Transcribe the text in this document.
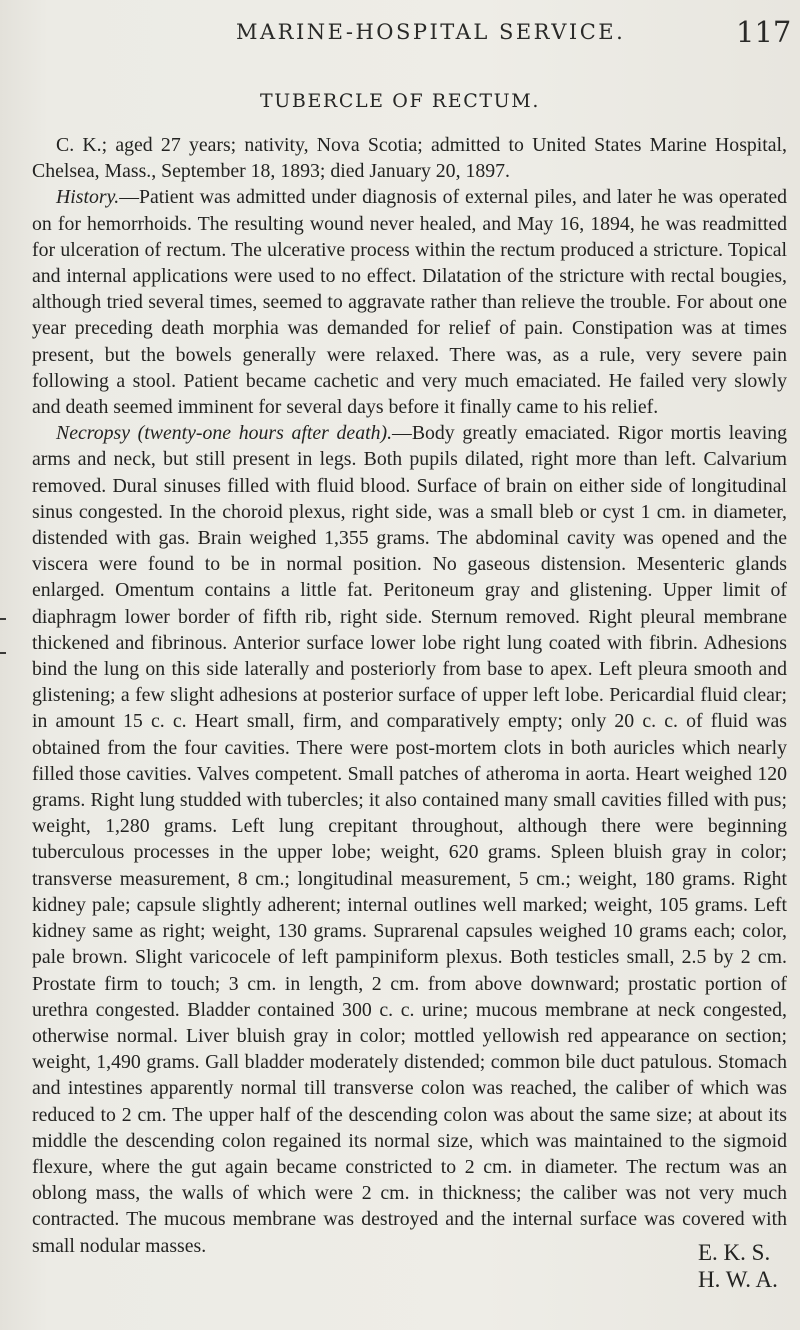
MARINE-HOSPITAL SERVICE.	117
TUBERCLE OF RECTUM.

C. K.; aged 27 years; nativity, Nova Scotia; admitted to United States Marine Hospital, Chelsea, Mass., September 18, 1893; died January 20, 1897.

History.—Patient was admitted under diagnosis of external piles, and later he was operated on for hemorrhoids. The resulting wound never healed, and May 16, 1894, he was readmitted for ulceration of rectum. The ulcerative process within the rectum produced a stricture. Topical and internal applications were used to no effect. Dilatation of the stricture with rectal bougies, although tried several times, seemed to aggravate rather than relieve the trouble. For about one year preceding death morphia was demanded for relief of pain. Constipation was at times present, but the bowels generally were relaxed. There was, as a rule, very severe pain following a stool. Patient became cachetic and very much emaciated. He failed very slowly and death seemed imminent for several days before it finally came to his relief.

Necropsy (twenty-one hours after death).—Body greatly emaciated. Rigor mortis leaving arms and neck, but still present in legs. Both pupils dilated, right more than left. Calvarium removed. Dural sinuses filled with fluid blood. Surface of brain on either side of longitudinal sinus congested. In the choroid plexus, right side, was a small bleb or cyst 1 cm. in diameter, distended with gas. Brain weighed 1,355 grams. The abdominal cavity was opened and the viscera were found to be in normal position. No gaseous distension. Mesenteric glands enlarged. Omentum contains a little fat. Peritoneum gray and glistening. Upper limit of diaphragm lower border of fifth rib, right side. Sternum removed. Right pleural membrane thickened and fibrinous. Anterior surface lower lobe right lung coated with fibrin. Adhesions bind the lung on this side laterally and posteriorly from base to apex. Left pleura smooth and glistening; a few slight adhesions at posterior surface of upper left lobe. Pericardial fluid clear; in amount 15 c. c. Heart small, firm, and comparatively empty; only 20 c. c. of fluid was obtained from the four cavities. There were post-mortem clots in both auricles which nearly filled those cavities. Valves competent. Small patches of atheroma in aorta. Heart weighed 120 grams. Right lung studded with tubercles; it also contained many small cavities filled with pus; weight, 1,280 grams. Left lung crepitant throughout, although there were beginning tuberculous processes in the upper lobe; weight, 620 grams. Spleen bluish gray in color; transverse measurement, 8 cm.; longitudinal measurement, 5 cm.; weight, 180 grams. Right kidney pale; capsule slightly adherent; internal outlines well marked; weight, 105 grams. Left kidney same as right; weight, 130 grams. Suprarenal capsules weighed 10 grams each; color, pale brown. Slight varicocele of left pampiniform plexus. Both testicles small, 2.5 by 2 cm. Prostate firm to touch; 3 cm. in length, 2 cm. from above downward; prostatic portion of urethra congested. Bladder contained 300 c. c. urine; mucous membrane at neck congested, otherwise normal. Liver bluish gray in color; mottled yellowish red appearance on section; weight, 1,490 grams. Gall bladder moderately distended; common bile duct patulous. Stomach and intestines apparently normal till transverse colon was reached, the caliber of which was reduced to 2 cm. The upper half of the descending colon was about the same size; at about its middle the descending colon regained its normal size, which was maintained to the sigmoid flexure, where the gut again became constricted to 2 cm. in diameter. The rectum was an oblong mass, the walls of which were 2 cm. in thickness; the caliber was not very much contracted. The mucous membrane was destroyed and the internal surface was covered with small nodular masses.	E. K. S.
H. W. A.
